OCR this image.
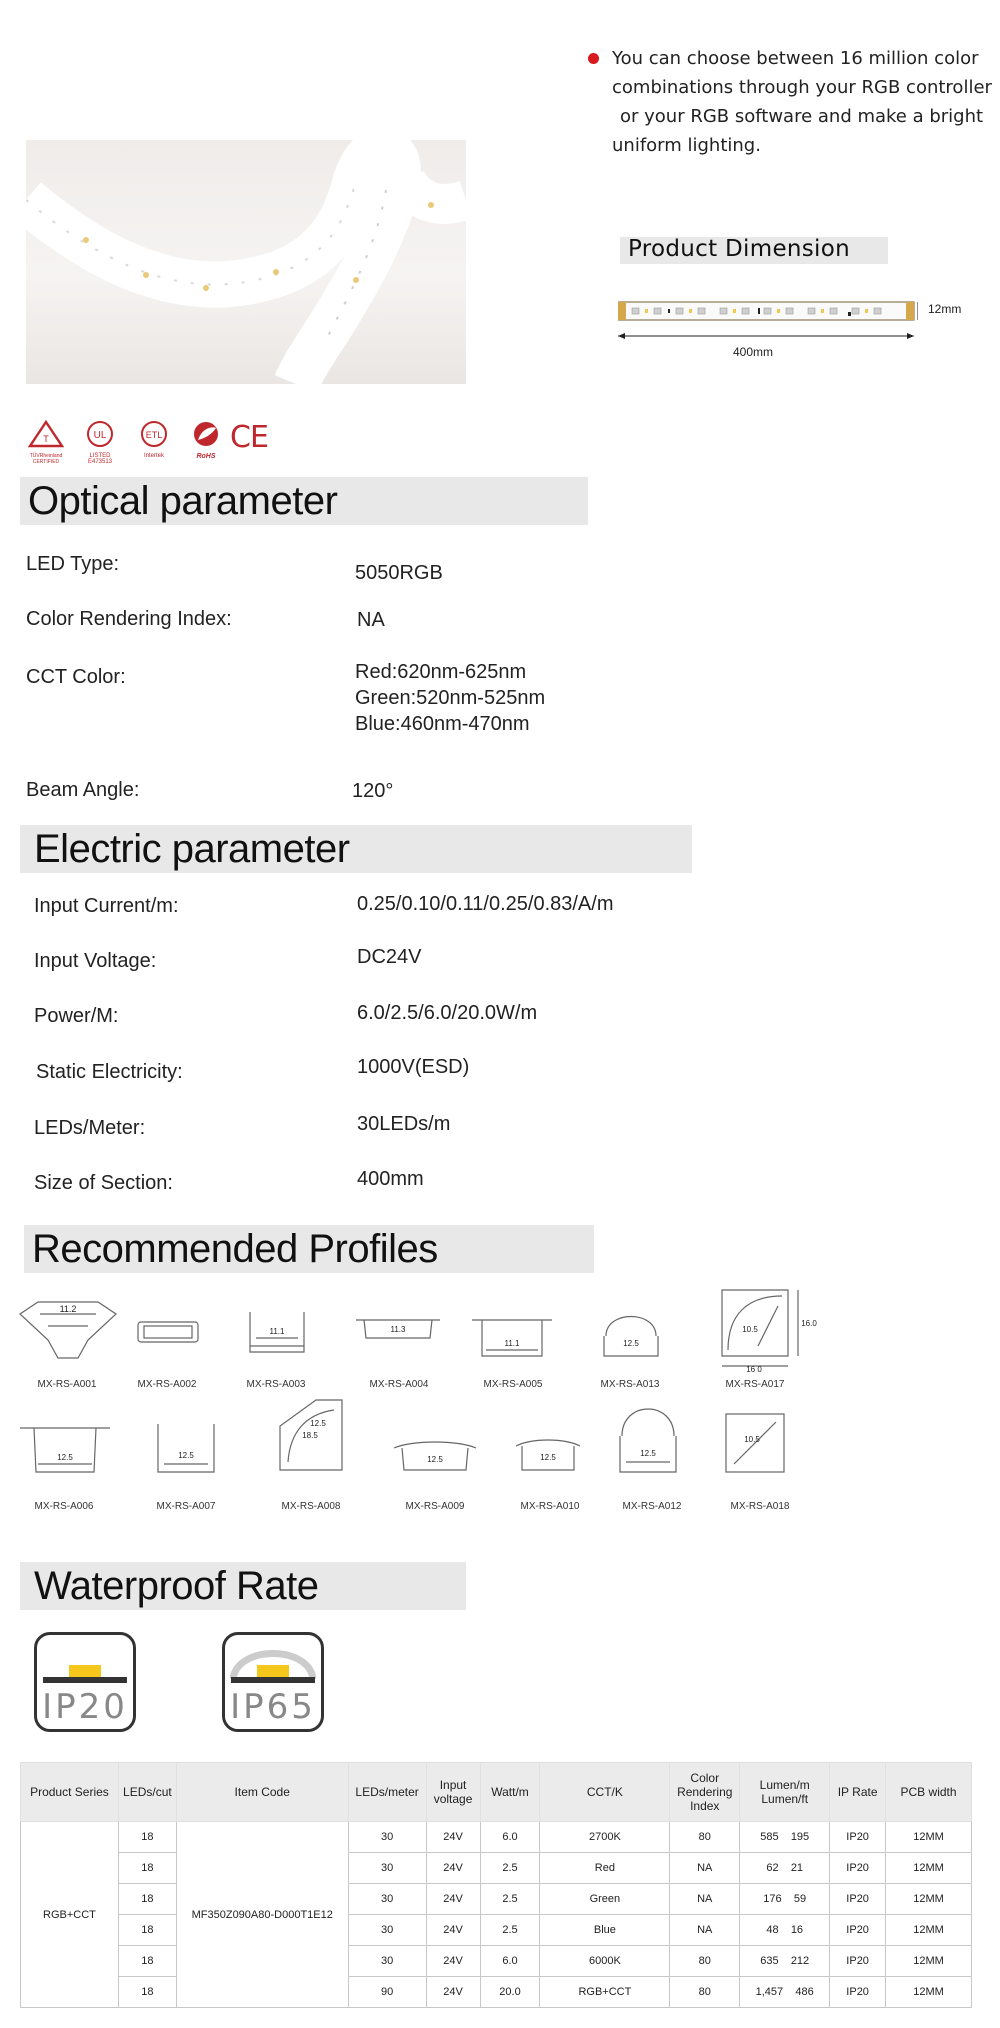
You can choose between 16 million color
combinations through your RGB controller
or your RGB software and make a bright
uniform lighting.
Product Dimension
12mm
400mm
T
TÜVRheinland CERTIFIED
UL
LISTED E473513
ETL
Intertek	RoHS
CE
Optical parameter
LED Type:	5050RGB
Color Rendering Index:	NA
CCT Color:	Red:620nm-625nm
Green:520nm-525nm
Blue:460nm-470nm
Beam Angle:	120°
Electric parameter
Input Current/m:	0.25/0.10/0.11/0.25/0.83/A/m
Input Voltage:	DC24V
Power/M:	6.0/2.5/6.0/20.0W/m
Static Electricity:	1000V(ESD)
LEDs/Meter:	30LEDs/m
Size of Section:	400mm
Recommended Profiles
11.2
11.1	11.3
11.1	12.5
10.5
16.0
16 0
MX-RS-A001	MX-RS-A002	MX-RS-A003	MX-RS-A004	MX-RS-A005	MX-RS-A013	MX-RS-A017
12.5	12.5
12.5
18.5
12.5	12.5	12.5
10.5
MX-RS-A006	MX-RS-A007	MX-RS-A008	MX-RS-A009	MX-RS-A010	MX-RS-A012	MX-RS-A018
Waterproof Rate
IP20	IP65
Product Series	LEDs/cut	Item Code	LEDs/meter	Input voltage	Watt/m	CCT/K	Color Rendering Index	Lumen/m Lumen/ft	IP Rate	PCB width
RGB+CCT	18	MF350Z090A80-D000T1E12	30	24V	6.0	2700K	80	585 195	IP20	12MM
	18		30	24V	2.5	Red	NA	62 21	IP20	12MM
	18		30	24V	2.5	Green	NA	176 59	IP20	12MM
	18		30	24V	2.5	Blue	NA	48 16	IP20	12MM
	18		30	24V	6.0	6000K	80	635 212	IP20	12MM
	18		90	24V	20.0	RGB+CCT	80	1,457 486	IP20	12MM
